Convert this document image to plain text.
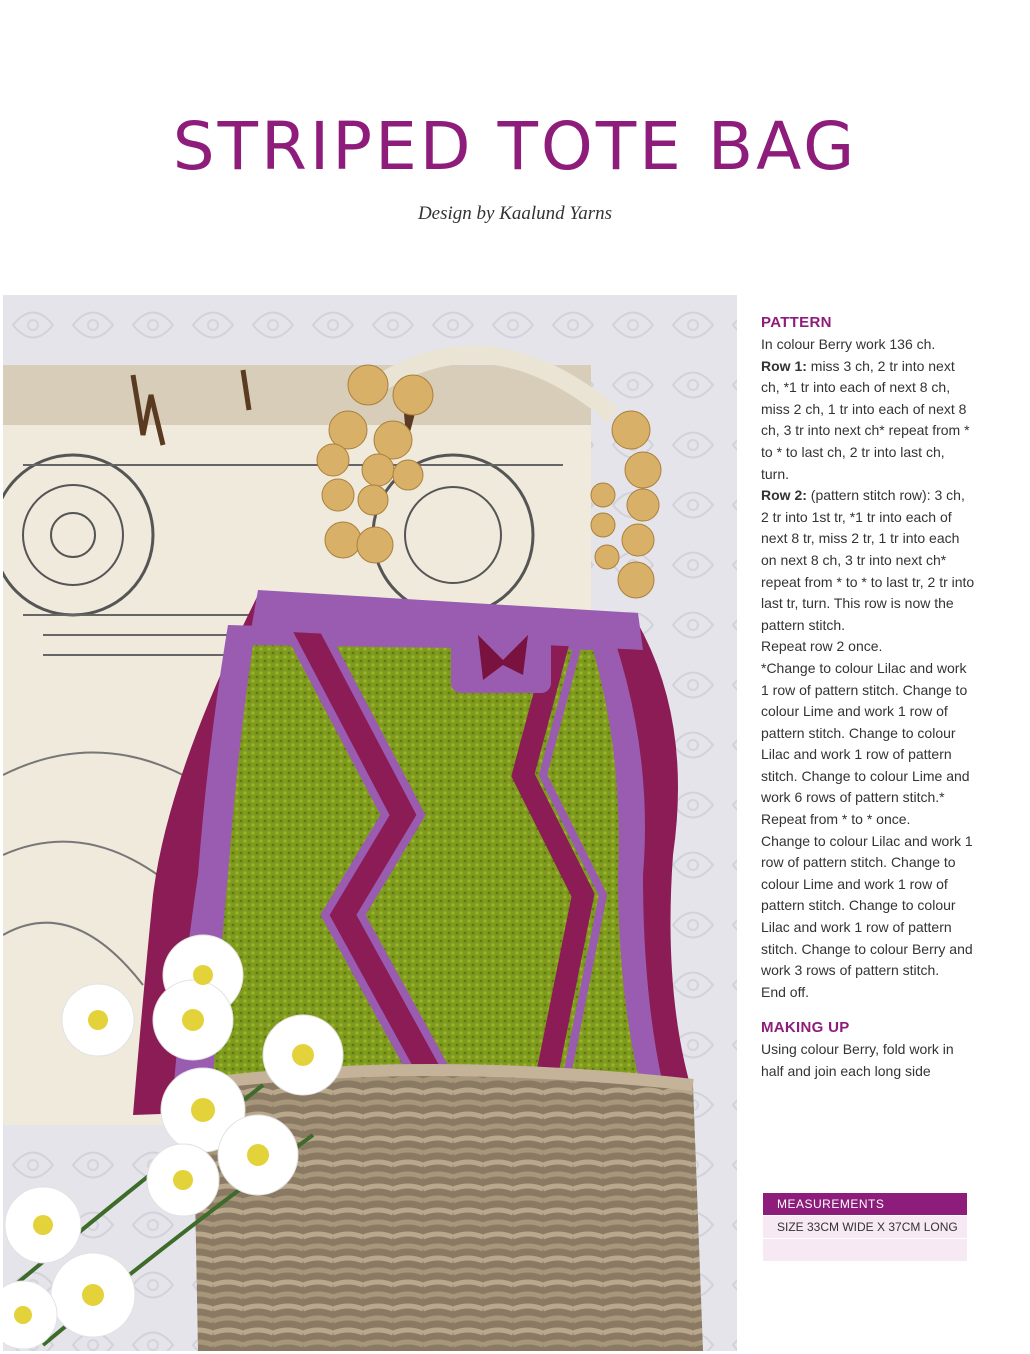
STRIPED TOTE BAG
Design by Kaalund Yarns
PATTERN

In colour Berry work 136 ch.

Row 1: miss 3 ch, 2 tr into next ch, *1 tr into each of next 8 ch, miss 2 ch, 1 tr into each of next 8 ch, 3 tr into next ch* repeat from * to * to last ch, 2 tr into last ch, turn.

Row 2: (pattern stitch row): 3 ch, 2 tr into 1st tr, *1 tr into each of next 8 tr, miss 2 tr, 1 tr into each on next 8 ch, 3 tr into next ch* repeat from * to * to last tr, 2 tr into last tr, turn. This row is now the pattern stitch.

Repeat row 2 once.

*Change to colour Lilac and work 1 row of pattern stitch. Change to colour Lime and work 1 row of pattern stitch. Change to colour Lilac and work 1 row of pattern stitch. Change to colour Lime and work 6 rows of pattern stitch.* Repeat from * to * once.

Change to colour Lilac and work 1 row of pattern stitch. Change to colour Lime and work 1 row of pattern stitch. Change to colour Lilac and work 1 row of pattern stitch. Change to colour Berry and work 3 rows of pattern stitch.

End off.

MAKING UP

Using colour Berry, fold work in half and join each long side

MEASUREMENTS
SIZE 33CM WIDE X 37CM LONG
